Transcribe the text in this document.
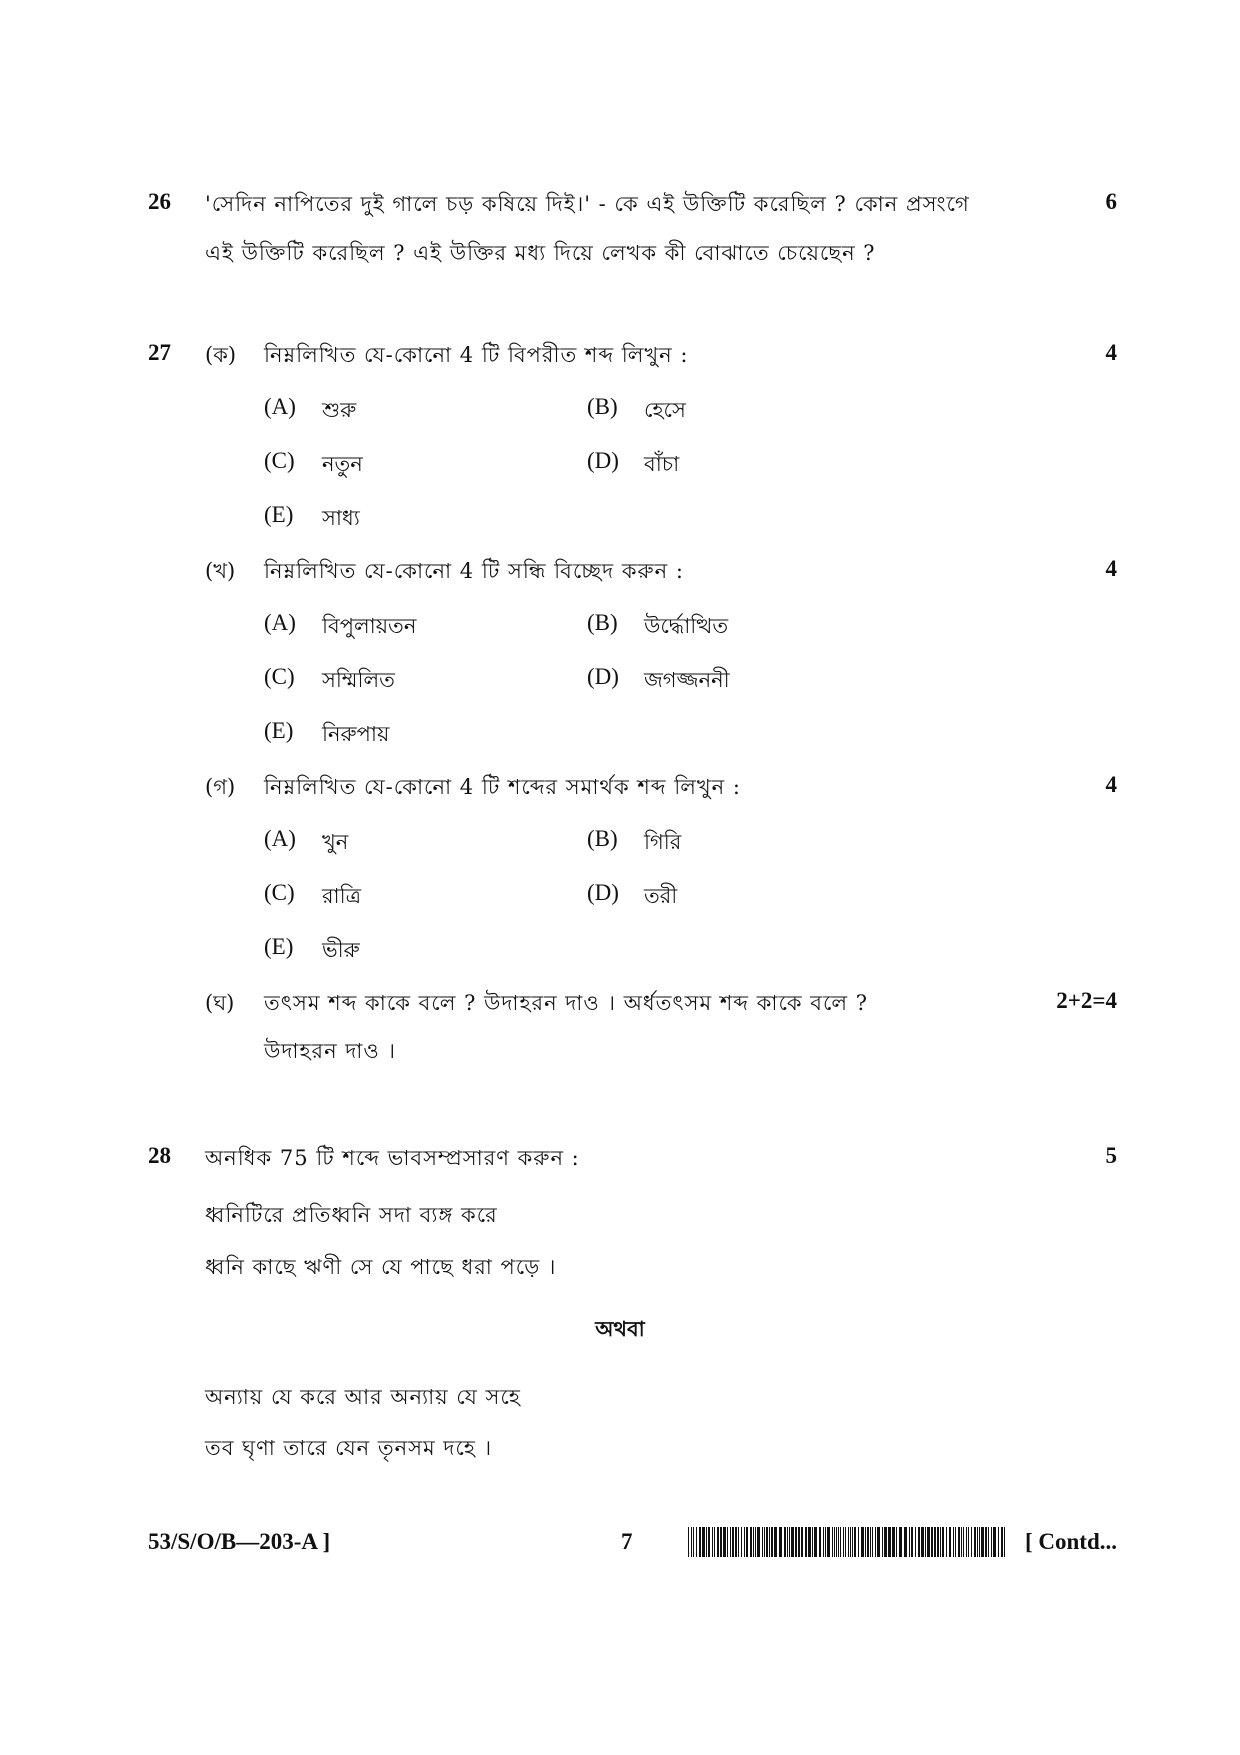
26 'সেদিন নাপিতের দুই গালে চড় কষিয়ে দিই।' - কে এই উক্তিটি করেছিল ? কোন প্রসংগে
এই উক্তিটি করেছিল ? এই উক্তির মধ্য দিয়ে লেখক কী বোঝাতে চেয়েছেন ?
6
27 (ক) নিম্নলিখিত যে-কোনো 4 টি বিপরীত শব্দ লিখুন :	4
(A) শুরু	(B) হেসে
(C) নতুন	(D) বাঁচা
(E) সাধ্য
(খ) নিম্নলিখিত যে-কোনো 4 টি সন্ধি বিচ্ছেদ করুন :	4
(A) বিপুলায়তন	(B) উর্দ্ধোত্থিত
(C) সম্মিলিত	(D) জগজ্জননী
(E) নিরুপায়
(গ) নিম্নলিখিত যে-কোনো 4 টি শব্দের সমার্থক শব্দ লিখুন :	4
(A) খুন	(B) গিরি
(C) রাত্রি	(D) তরী
(E) ভীরু
(ঘ) তৎসম শব্দ কাকে বলে ? উদাহরন দাও । অর্ধতৎসম শব্দ কাকে বলে ?
উদাহরন দাও ।
2+2=4
28 অনধিক 75 টি শব্দে ভাবসম্প্রসারণ করুন :	5
ধ্বনিটিরে প্রতিধ্বনি সদা ব্যঙ্গ করে
ধ্বনি কাছে ঋণী সে যে পাছে ধরা পড়ে ।
অথবা
অন্যায় যে করে আর অন্যায় যে সহে
তব ঘৃণা তারে যেন তৃনসম দহে ।
53/S/O/B—203-A ]	7	[ Contd...
